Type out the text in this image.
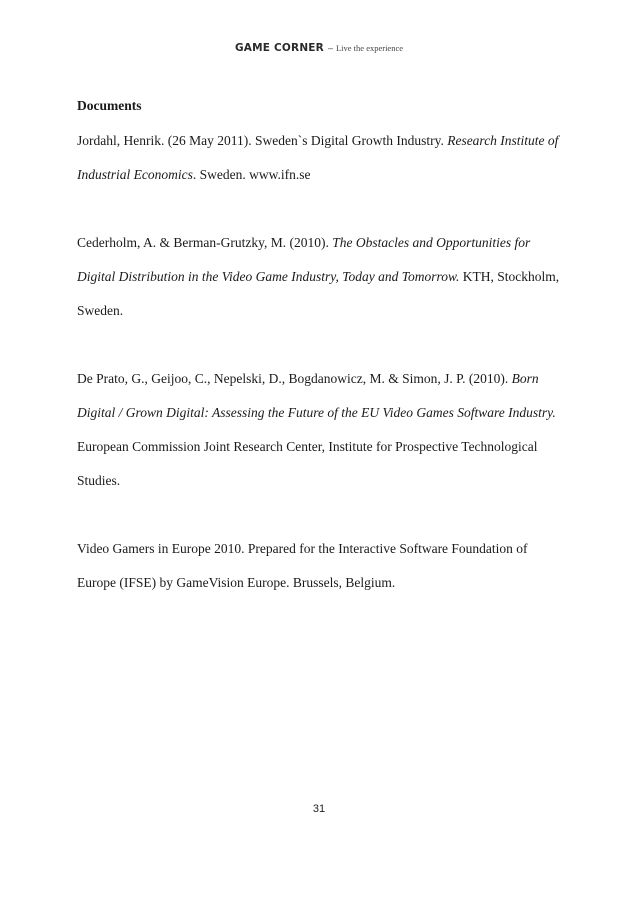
GAME CORNER – Live the experience
Documents

Jordahl, Henrik. (26 May 2011). Sweden`s Digital Growth Industry. Research Institute of Industrial Economics. Sweden. www.ifn.se

Cederholm, A. & Berman-Grutzky, M. (2010). The Obstacles and Opportunities for Digital Distribution in the Video Game Industry, Today and Tomorrow. KTH, Stockholm, Sweden.

De Prato, G., Geijoo, C., Nepelski, D., Bogdanowicz, M. & Simon, J. P. (2010). Born Digital / Grown Digital: Assessing the Future of the EU Video Games Software Industry. European Commission Joint Research Center, Institute for Prospective Technological Studies.

Video Gamers in Europe 2010. Prepared for the Interactive Software Foundation of Europe (IFSE) by GameVision Europe. Brussels, Belgium.

31
